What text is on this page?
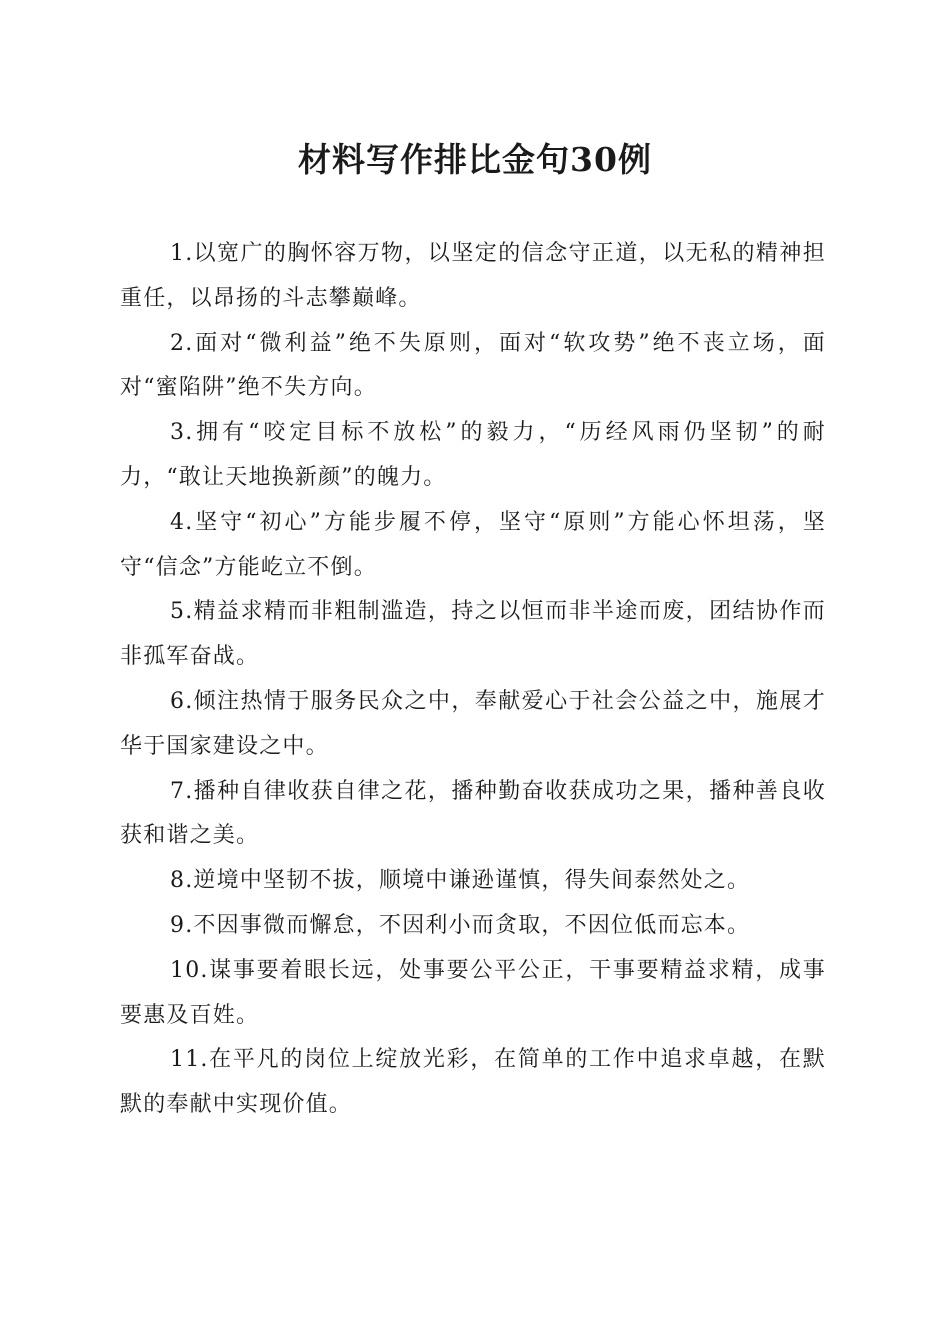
材料写作排比金句30例

1.以宽广的胸怀容万物，以坚定的信念守正道，以无私的精神担重任，以昂扬的斗志攀巅峰。

2.面对“微利益”绝不失原则，面对“软攻势”绝不丧立场，面对“蜜陷阱”绝不失方向。

3.拥有“咬定目标不放松”的毅力，“历经风雨仍坚韧”的耐力，“敢让天地换新颜”的魄力。

4.坚守“初心”方能步履不停，坚守“原则”方能心怀坦荡，坚守“信念”方能屹立不倒。

5.精益求精而非粗制滥造，持之以恒而非半途而废，团结协作而非孤军奋战。

6.倾注热情于服务民众之中，奉献爱心于社会公益之中，施展才华于国家建设之中。

7.播种自律收获自律之花，播种勤奋收获成功之果，播种善良收获和谐之美。

8.逆境中坚韧不拔，顺境中谦逊谨慎，得失间泰然处之。

9.不因事微而懈怠，不因利小而贪取，不因位低而忘本。

10.谋事要着眼长远，处事要公平公正，干事要精益求精，成事要惠及百姓。

11.在平凡的岗位上绽放光彩，在简单的工作中追求卓越，在默默的奉献中实现价值。
